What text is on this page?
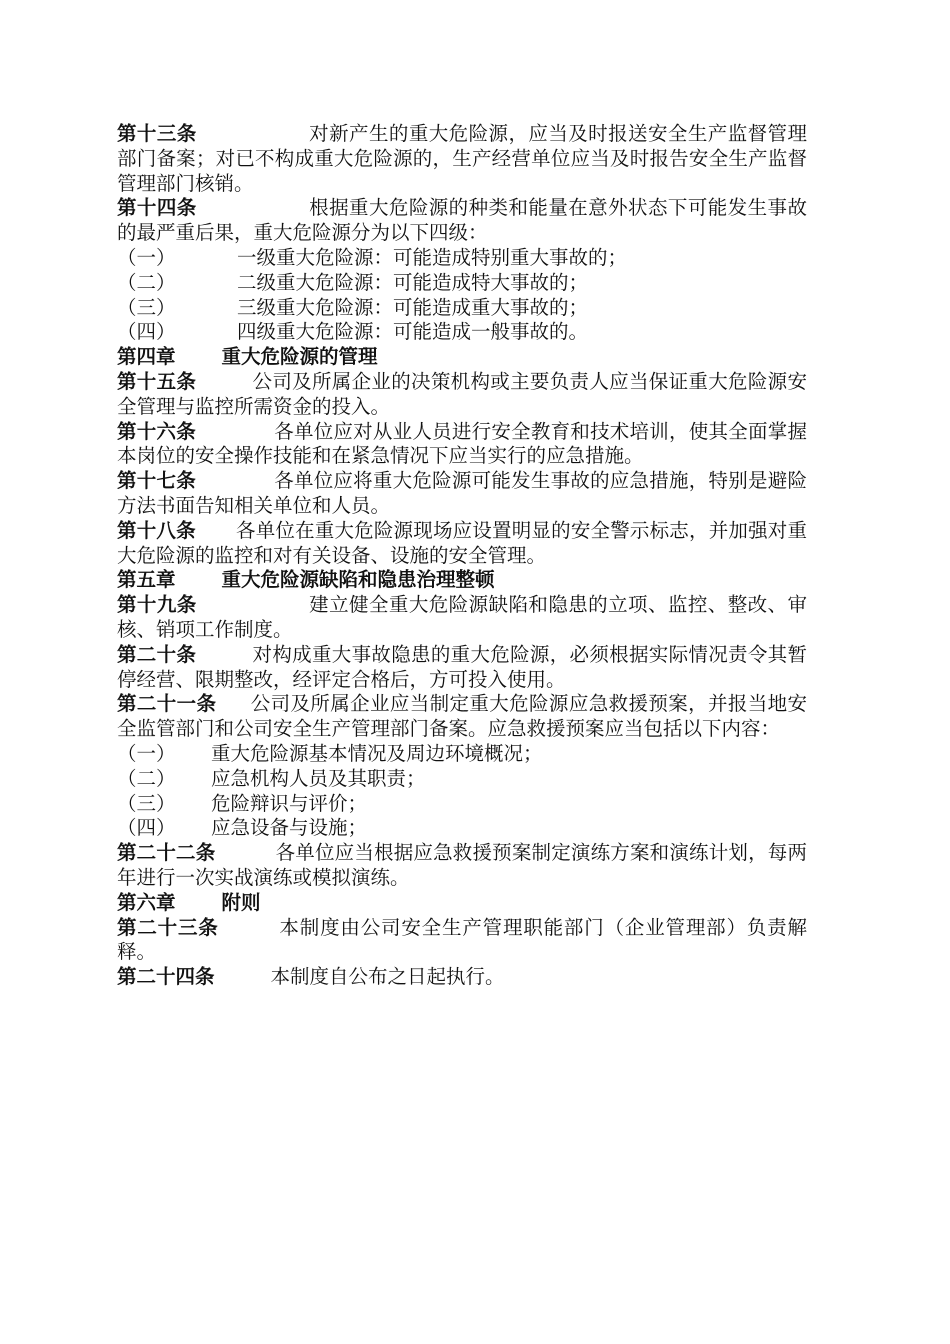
第十三条	对新产生的重大危险源，应当及时报送安全生产监督管理部门备案；对已不构成重大危险源的，生产经营单位应当及时报告安全生产监督管理部门核销。

第十四条	根据重大危险源的种类和能量在意外状态下可能发生事故的最严重后果，重大危险源分为以下四级：

（一）	一级重大危险源：可能造成特别重大事故的；

（二）	二级重大危险源：可能造成特大事故的；

（三）	三级重大危险源：可能造成重大事故的；

（四）	四级重大危险源：可能造成一般事故的。

第四章 重大危险源的管理

第十五条	公司及所属企业的决策机构或主要负责人应当保证重大危险源安全管理与监控所需资金的投入。

第十六条	各单位应对从业人员进行安全教育和技术培训，使其全面掌握本岗位的安全操作技能和在紧急情况下应当实行的应急措施。

第十七条	各单位应将重大危险源可能发生事故的应急措施，特别是避险方法书面告知相关单位和人员。

第十八条 各单位在重大危险源现场应设置明显的安全警示标志，并加强对重大危险源的监控和对有关设备、设施的安全管理。

第五章 重大危险源缺陷和隐患治理整顿

第十九条	建立健全重大危险源缺陷和隐患的立项、监控、整改、审核、销项工作制度。

第二十条	对构成重大事故隐患的重大危险源，必须根据实际情况责令其暂停经营、限期整改，经评定合格后，方可投入使用。

第二十一条 公司及所属企业应当制定重大危险源应急救援预案，并报当地安全监管部门和公司安全生产管理部门备案。应急救援预案应当包括以下内容：

（一） 重大危险源基本情况及周边环境概况；

（二） 应急机构人员及其职责；

（三） 危险辩识与评价；

（四） 应急设备与设施；

第二十二条	各单位应当根据应急救援预案制定演练方案和演练计划，每两年进行一次实战演练或模拟演练。

第六章 附则

第二十三条	本制度由公司安全生产管理职能部门（企业管理部）负责解释。

第二十四条	本制度自公布之日起执行。
